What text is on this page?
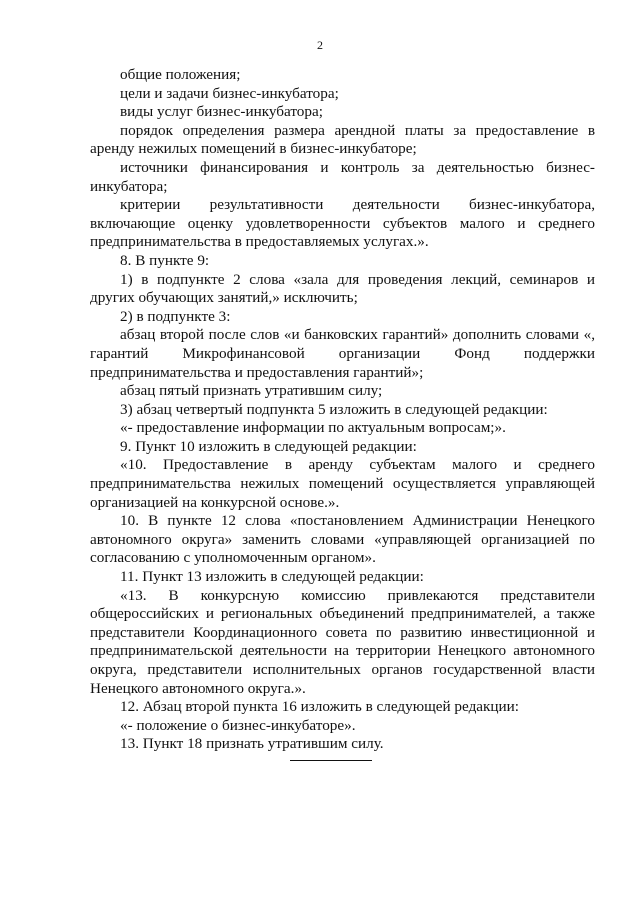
2

общие положения;

цели и задачи бизнес-инкубатора;

виды услуг бизнес-инкубатора;

порядок определения размера арендной платы за предоставление в аренду нежилых помещений в бизнес-инкубаторе;

источники финансирования и контроль за деятельностью бизнес-инкубатора;

критерии результативности деятельности бизнес-инкубатора, включающие оценку удовлетворенности субъектов малого и среднего предпринимательства в предоставляемых услугах.».

8. В пункте 9:

1) в подпункте 2 слова «зала для проведения лекций, семинаров и других обучающих занятий,» исключить;

2) в подпункте 3:

абзац второй после слов «и банковских гарантий» дополнить словами «, гарантий Микрофинансовой организации Фонд поддержки предпринимательства и предоставления гарантий»;

абзац пятый признать утратившим силу;

3) абзац четвертый подпункта 5 изложить в следующей редакции:

«- предоставление информации по актуальным вопросам;».

9. Пункт 10 изложить в следующей редакции:

«10. Предоставление в аренду субъектам малого и среднего предпринимательства нежилых помещений осуществляется управляющей организацией на конкурсной основе.».

10. В пункте 12 слова «постановлением Администрации Ненецкого автономного округа» заменить словами «управляющей организацией по согласованию с уполномоченным органом».

11. Пункт 13 изложить в следующей редакции:

«13. В конкурсную комиссию привлекаются представители общероссийских и региональных объединений предпринимателей, а также представители Координационного совета по развитию инвестиционной и предпринимательской деятельности на территории Ненецкого автономного округа, представители исполнительных органов государственной власти Ненецкого автономного округа.».

12. Абзац второй пункта 16 изложить в следующей редакции:

«- положение о бизнес-инкубаторе».

13. Пункт 18 признать утратившим силу.
